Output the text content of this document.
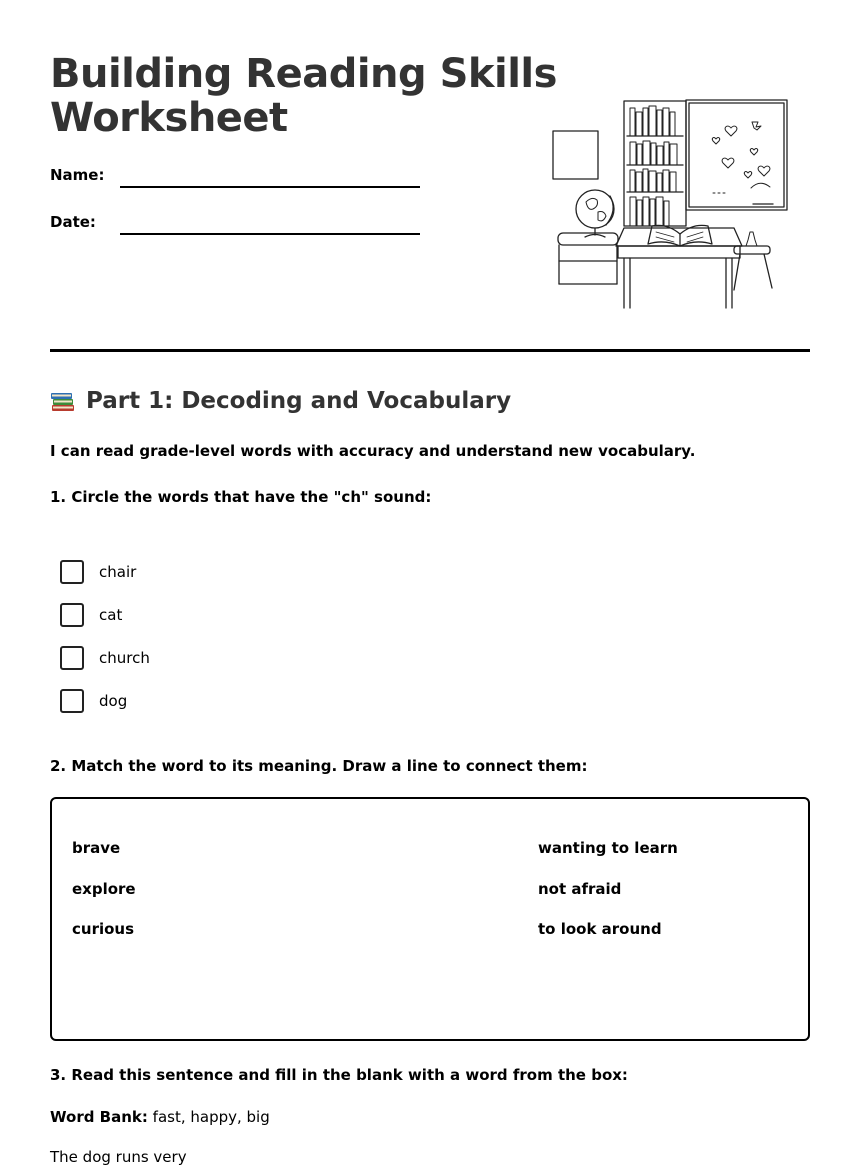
Building Reading Skills
Worksheet
Name:
Date:
Part 1: Decoding and Vocabulary
I can read grade-level words with accuracy and understand new vocabulary.
1. Circle the words that have the "ch" sound:
chair
cat
church
dog
2. Match the word to its meaning. Draw a line to connect them:
brave
explore
curious
wanting to learn
not afraid
to look around
3. Read this sentence and fill in the blank with a word from the box:
Word Bank: fast, happy, big
The dog runs very
